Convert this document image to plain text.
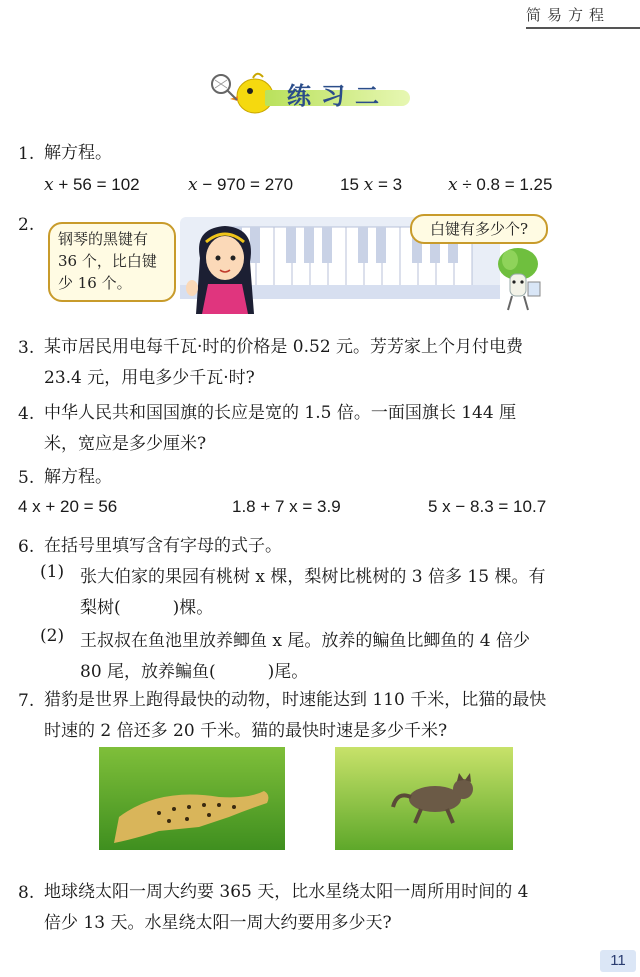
简易方程
练习二
1. 解方程。
x + 56 = 102	x − 970 = 270	15 x = 3	x ÷ 0.8 = 1.25
2.
钢琴的黑键有
36 个，比白键
少 16 个。
白键有多少个?
3. 某市居民用电每千瓦·时的价格是 0.52 元。芳芳家上个月付电费
23.4 元，用电多少千瓦·时?
4. 中华人民共和国国旗的长应是宽的 1.5 倍。一面国旗长 144 厘
米，宽应是多少厘米?
5. 解方程。
4 x + 20 = 56	1.8 + 7 x = 3.9	5 x − 8.3 = 10.7
6. 在括号里填写含有字母的式子。
(1) 张大伯家的果园有桃树 x 棵，梨树比桃树的 3 倍多 15 棵。有
梨树(	)棵。
(2) 王叔叔在鱼池里放养鲫鱼 x 尾。放养的鳊鱼比鲫鱼的 4 倍少
80 尾，放养鳊鱼(	)尾。
7. 猎豹是世界上跑得最快的动物，时速能达到 110 千米，比猫的最快
时速的 2 倍还多 20 千米。猫的最快时速是多少千米?
8. 地球绕太阳一周大约要 365 天，比水星绕太阳一周所用时间的 4
倍少 13 天。水星绕太阳一周大约要用多少天?
11
